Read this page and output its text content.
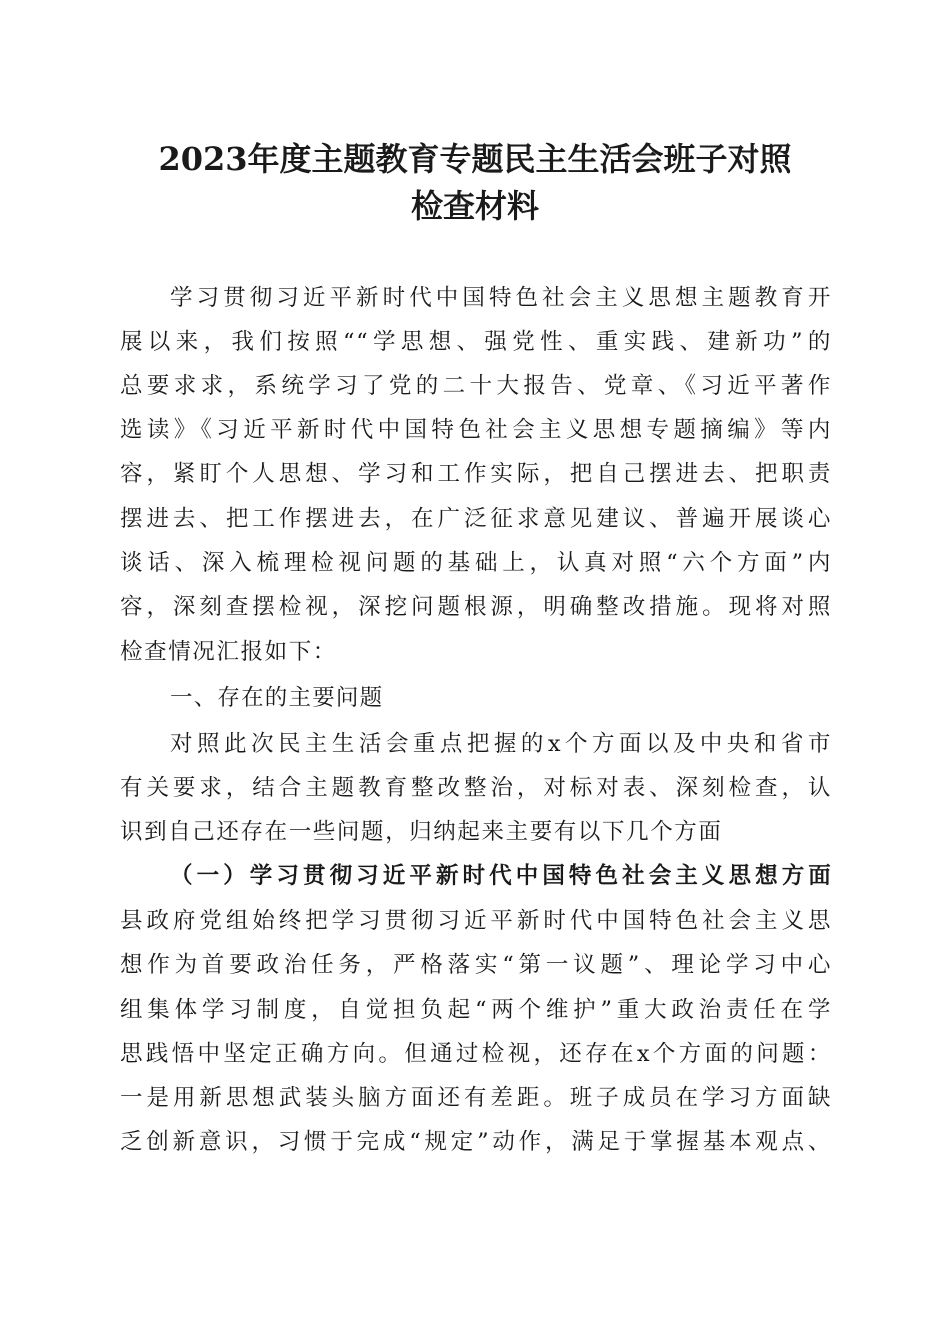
2023年度主题教育专题民主生活会班子对照
检查材料
学习贯彻习近平新时代中国特色社会主义思想主题教育开
展以来，我们按照““学思想、强党性、重实践、建新功”的
总要求求，系统学习了党的二十大报告、党章、《习近平著作
选读》《习近平新时代中国特色社会主义思想专题摘编》等内
容，紧盯个人思想、学习和工作实际，把自己摆进去、把职责
摆进去、把工作摆进去，在广泛征求意见建议、普遍开展谈心
谈话、深入梳理检视问题的基础上，认真对照“六个方面”内
容，深刻查摆检视，深挖问题根源，明确整改措施。现将对照
检查情况汇报如下：
一、存在的主要问题
对照此次民主生活会重点把握的x个方面以及中央和省市
有关要求，结合主题教育整改整治，对标对表、深刻检查，认
识到自己还存在一些问题，归纳起来主要有以下几个方面
（一）学习贯彻习近平新时代中国特色社会主义思想方面
县政府党组始终把学习贯彻习近平新时代中国特色社会主义思
想作为首要政治任务，严格落实“第一议题”、理论学习中心
组集体学习制度，自觉担负起“两个维护”重大政治责任在学
思践悟中坚定正确方向。但通过检视，还存在x个方面的问题：
一是用新思想武装头脑方面还有差距。班子成员在学习方面缺
乏创新意识，习惯于完成“规定”动作，满足于掌握基本观点、
